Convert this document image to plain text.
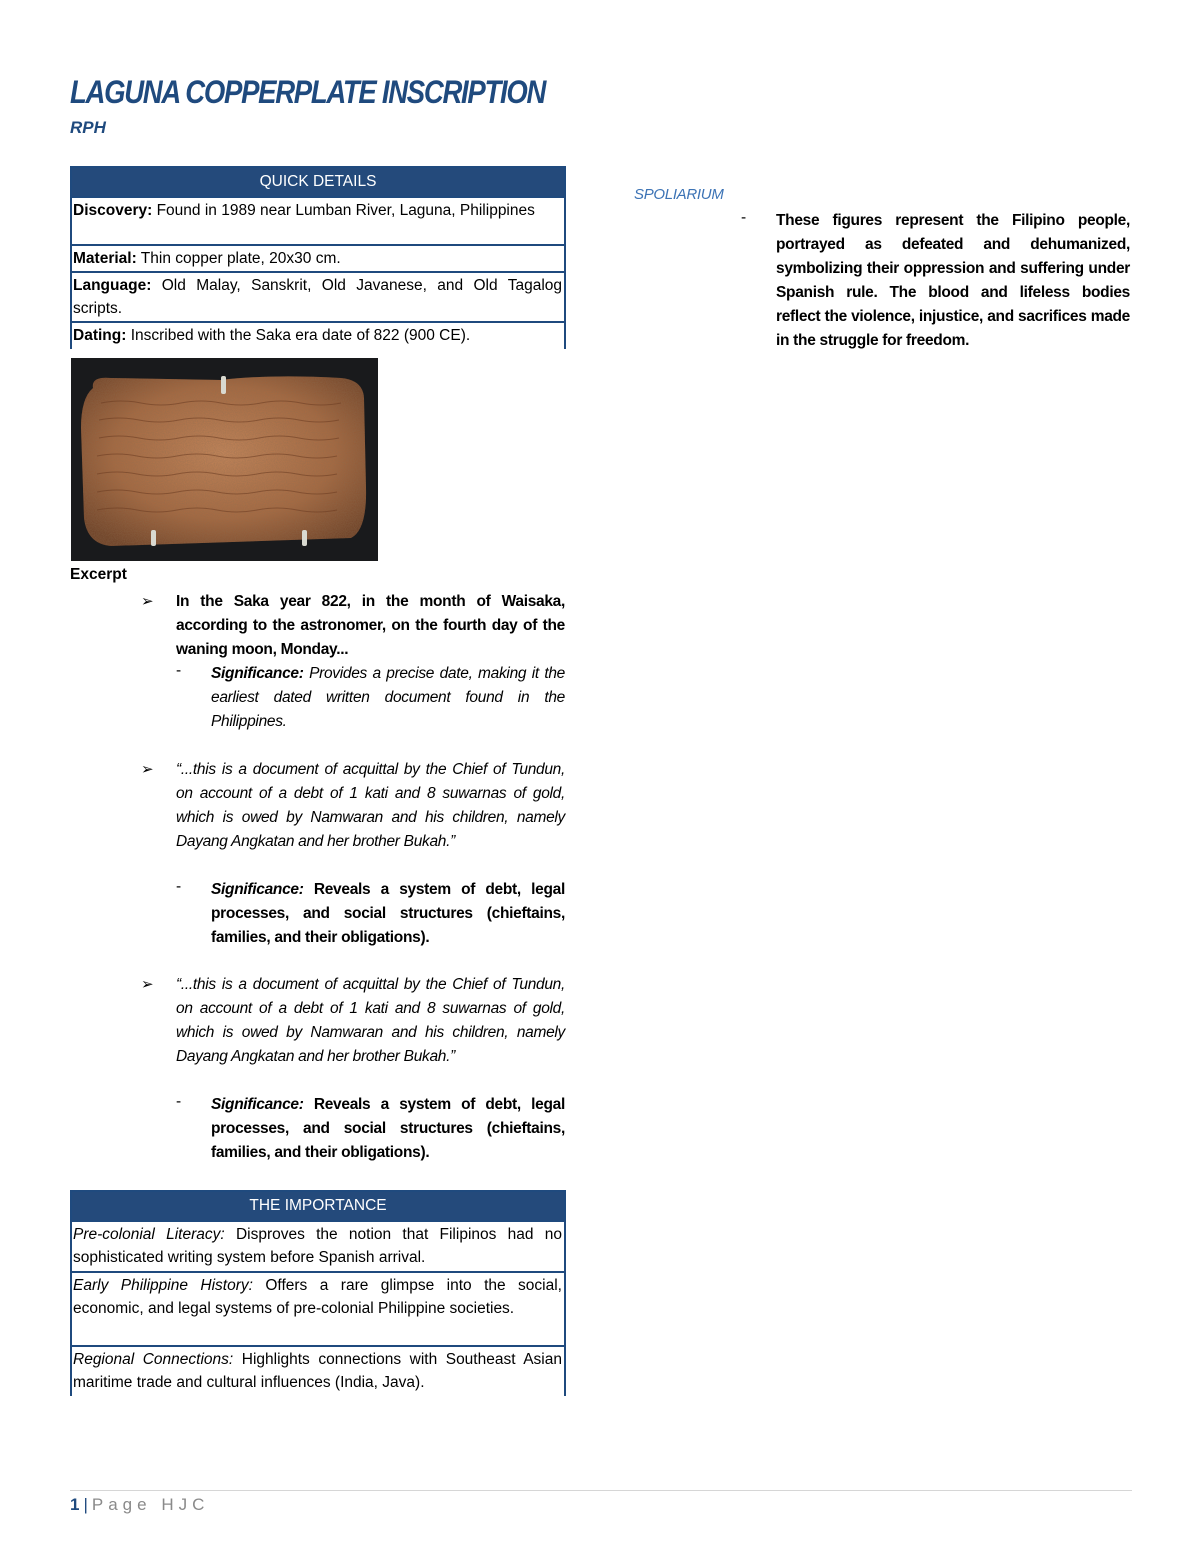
LAGUNA COPPERPLATE INSCRIPTION
RPH
QUICK DETAILS
Discovery: Found in 1989 near Lumban River, Laguna, Philippines
Material: Thin copper plate, 20x30 cm.
Language: Old Malay, Sanskrit, Old Javanese, and Old Tagalog scripts.
Dating: Inscribed with the Saka era date of 822 (900 CE).
Excerpt
➢ In the Saka year 822, in the month of Waisaka, according to the astronomer, on the fourth day of the waning moon, Monday...
- Significance: Provides a precise date, making it the earliest dated written document found in the Philippines.
➢ “...this is a document of acquittal by the Chief of Tundun, on account of a debt of 1 kati and 8 suwarnas of gold, which is owed by Namwaran and his children, namely Dayang Angkatan and her brother Bukah.”
- Significance: Reveals a system of debt, legal processes, and social structures (chieftains, families, and their obligations).
➢ “...this is a document of acquittal by the Chief of Tundun, on account of a debt of 1 kati and 8 suwarnas of gold, which is owed by Namwaran and his children, namely Dayang Angkatan and her brother Bukah.”
- Significance: Reveals a system of debt, legal processes, and social structures (chieftains, families, and their obligations).
THE IMPORTANCE
Pre-colonial Literacy: Disproves the notion that Filipinos had no sophisticated writing system before Spanish arrival.
Early Philippine History: Offers a rare glimpse into the social, economic, and legal systems of pre-colonial Philippine societies.
Regional Connections: Highlights connections with Southeast Asian maritime trade and cultural influences (India, Java).
SPOLIARIUM
- These figures represent the Filipino people, portrayed as defeated and dehumanized, symbolizing their oppression and suffering under Spanish rule. The blood and lifeless bodies reflect the violence, injustice, and sacrifices made in the struggle for freedom.
1 | Page HJC
